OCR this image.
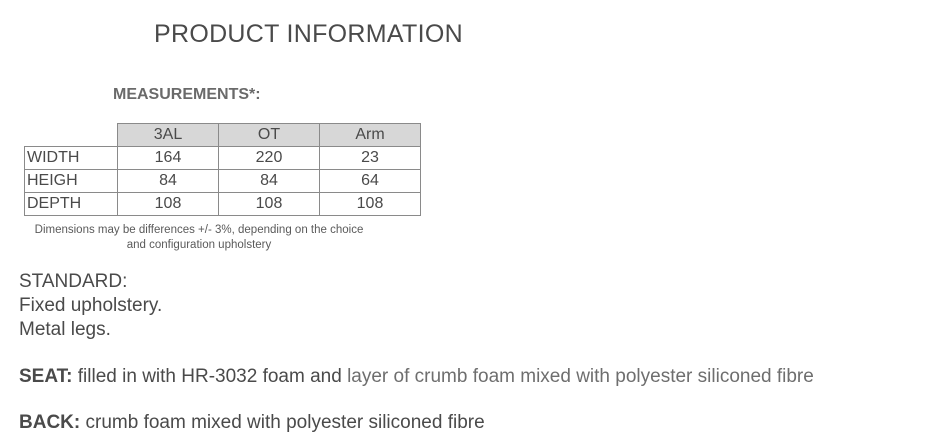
PRODUCT INFORMATION
MEASUREMENTS*:
	3AL	OT	Arm
WIDTH	164	220	23
HEIGH	84	84	64
DEPTH	108	108	108
Dimensions may be differences +/- 3%, depending on the choice and configuration upholstery
STANDARD:
Fixed upholstery.
Metal legs.
SEAT: filled in with HR-3032 foam and layer of crumb foam mixed with polyester siliconed fibre
BACK: crumb foam mixed with polyester siliconed fibre
